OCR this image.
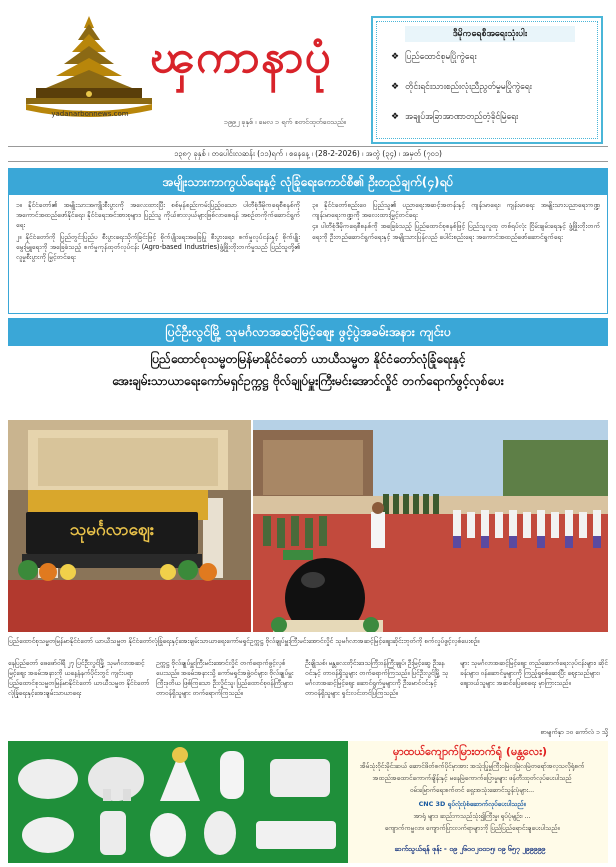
ၾကာနာပုံ
yadanarbonnews.com
၁၉၉၂ ခုနှစ် ၊ မေလ ၁ ရက် စတင်ထုတ်ဝေသည်။
ဒီမိုကရေစီအရေးသုံးပါး
❖ ပြည်ထောင်စုမပြိုကွဲရေး
❖ တိုင်းရင်းသားစည်းလုံးညီညွတ်မှုမပြိုကွဲရေး
❖ အချုပ်အခြာအာဏာတည်တံ့ခိုင်မြဲရေး
၁၃၈၇ ခုနှစ် ၊ တပေါင်းလဆန်း (၁၁)ရက် ၊ စနေနေ့ ၊ (28-2-2026) ၊ အတွဲ (၃၄) ၊ အမှတ် (၇၀၁)
အမျိုးသားကာကွယ်ရေးနှင့် လုံခြုံရေးကောင်စီ၏ ဦးတည်ချက်(၄)ရပ်

၁။ နိုင်ငံတော်၏ အမျိုးသားအကျိုးစီးပွားကို အလေးထားပြီး စစ်မှန်စည်းကမ်းပြည့်ဝသော ပါတီစုံဒီမိုကရေစီစနစ်ကို အကောင်အထည်ဖော်နိုင်ရေး၊ နိုင်ငံရေးအင်အားစုများ၊ ပြည်သူ ကိုယ်စားလှယ်များဖြစ်လာစေရန် အစဉ်တကိုက်ဆောင်ရွက်ရေး

၂။ နိုင်ငံတော်ကို ပြည်တွင်းပြည်ပ စီးပွားရေးသိုက်ခြင်းဖြင့် စိုက်ပျိုးရေးအခြေပြု စီးပွားရေး၊ စက်မှုလုပ်ငန်းနှင့် စိုက်ပျိုးမွေးမြူရေးကို အခြေခံသည့် စက်မှုကုန်ထုတ်လုပ်ငန်း (Agro-based Industries)ဖွံ့ဖြိုးတိုးတက်မှုသည် ပြည်သူတို့၏ လူမှုစီးပွားကို မြှင့်တင်ရေး

၃။ နိုင်ငံတော်စည်းဝေ ပြည်သူ၏ ပညာရေးအဆင့်အတန်းနှင့် ကျန်းမာရေး၊ ကျန်းမာရေး အမျိုးသားပညာရေးကဏ္ဍ ကျန်းမာရေးကဏ္ဍကို အလေးထားမြှင့်တင်ရေး

၄။ ပါတီစုံဒီမိုကရေစီစနစ်ကို အခြေခံသည့် ပြည်ထောင်စုစနစ်ဖြင့် ပြည်သူလူထု တစ်ရပ်လုံး ငြိမ်းချမ်းရေးနှင့် ဖွံ့ဖြိုးတိုးတက်ရေးကို ဦးတည်ဆောင်ရွက်ရေးနှင့် အမျိုးသားပြန်လည် ပေါင်းစည်းရေး အကောင်အထည်ဖော်ဆောင်ရွက်ရေး

ပြင်ဦးလွင်မြို့ သုမင်္ဂလာအဆင့်မြင့်ဈေး ဖွင့်ပွဲအခမ်းအနား ကျင်းပ
ပြည်ထောင်စုသမ္မတမြန်မာနိုင်ငံတော် ယာယီသမ္မတ နိုင်ငံတော်လုံခြုံရေးနှင့်
အေးချမ်းသာယာရေးကော်မရှင်ဥက္ကဋ္ဌ ဗိုလ်ချုပ်မှူးကြီးမင်းအောင်လှိုင် တက်ရောက်ဖွင့်လှစ်ပေး
သုမင်္ဂလာဈေး
ပြည်ထောင်စုသမ္မတမြန်မာနိုင်ငံတော် ယာယီသမ္မတ နိုင်ငံတော်လုံခြုံရေးနှင့်အေးချမ်းသာယာရေးကော်မရှင်ဥက္ကဋ္ဌ ဗိုလ်ချုပ်မှူးကြီးမင်းအောင်လှိုင် သုမင်္ဂလာအဆင့်မြင့်ဈေးဆိုင်းဘုတ်ကို စက်လှုပ်ဖွင့်လှစ်ပေးစဉ်။
နေပြည်တော် ဖေဖော်ဝါရီ ၂၇ ပြင်ဦးလွင်မြို့ သုမင်္ဂလာအဆင့်မြင့်ဈေး အခမ်းအနားကို ယနေ့နံနက်ပိုင်းတွင် ကျင်းပရာ ပြည်ထောင်စုသမ္မတမြန်မာနိုင်ငံတော် ယာယီသမ္မတ နိုင်ငံတော်လုံခြုံရေးနှင့်အေးချမ်းသာယာရေး
ဥက္ကဋ္ဌ ဗိုလ်ချုပ်မှူးကြီးမင်းအောင်လှိုင် တက်ရောက်ဖွင့်လှစ်ပေးသည်။ အခမ်းအနားသို့ ကော်မရှင်အဖွဲ့ဝင်များ၊ ဗိုလ်ချုပ်မှူးကြီးဒုတိယ ဖြစ်ကြသော ဦးလှိုင်သူ၊ ပြည်ထောင်စုဝန်ကြီးများ၊ တာဝန်ရှိသူများ တက်ရောက်ကြသည်။
ဦးချိုသစ်၊ မန္တလေးတိုင်းဒေသကြီးဝန်ကြီးချုပ်၊ ဦးမြင့်ဆွေ ဦးနေဝင်းနှင့် တာဝန်ရှိသူများ တက်ရောက်ကြသည်။ ပြင်ဦးလွင်မြို့ သုမင်္ဂလာအဆင့်မြင့်ဈေး ဆောင်ရွက်မှုများကို ဦးမောင်ဝင်းနှင့် တာဝန်ရှိသူများ ရှင်းလင်းတင်ပြကြသည်။
များ သုမင်္ဂလာအဆင့်မြင့်ဈေး တည်ဆောက်ရေးလုပ်ငန်းများ၊ ဆိုင်ခန်းများ၊ ဝန်ဆောင်မှုများကို ကြည့်ရှုစစ်ဆေးပြီး ဈေးသည်များ၊ ဈေးဝယ်သူများ အဆင်ပြေစေရေး မှာကြားသည်။
စာမျက်နှာ ၁၀ ကော်လံ ၁ သို့
မှာထယ်ကျောက်မြားတက်ရုံ (မန္တလေး)
အိမ်သုံးဝိုင်းမိုင်းဆယ် ဆောင်ဖိတ်စက်ပိုင်မှာအား အသုံးပြုမှုကြီးဝမြဲလမြဲလမြဲတရော်အလှသလိုရုံစက်
အထည်အထောင်ကောက်ချိန်းနှင့် မနေမြဲကောက်ပြောမှုများ ဖန်တီးထုတ်လုပ်ပေးပါသည်
ဝမ်းမြောက်ရေးစက်တင် ရှေးအသုံးဆောင်သွန်းပုံများ...
CNC 3D ရုပ်လုံးပုံစံဆောက်လုပ်ပေးပါသည်။
အာရုံ များ၊ ဆည်းကသည်သုံး၍ကြီးမှု၊ ရုပ်ပုံမျဉ်း၊ ...
ကျောက်ကမ္ဗလာ၊ ကျောက်ပြားလက်ရာများကို ပြည်ပြည်ရောင်းချပေးပါသည်။
ဆက်သွယ်ရန် ဖုန်း - ၀၉ ၂၆၀၀၂၀၀၁၅၊ ၀၉ ၆၅၇ ၂၉၉၉၉၉
